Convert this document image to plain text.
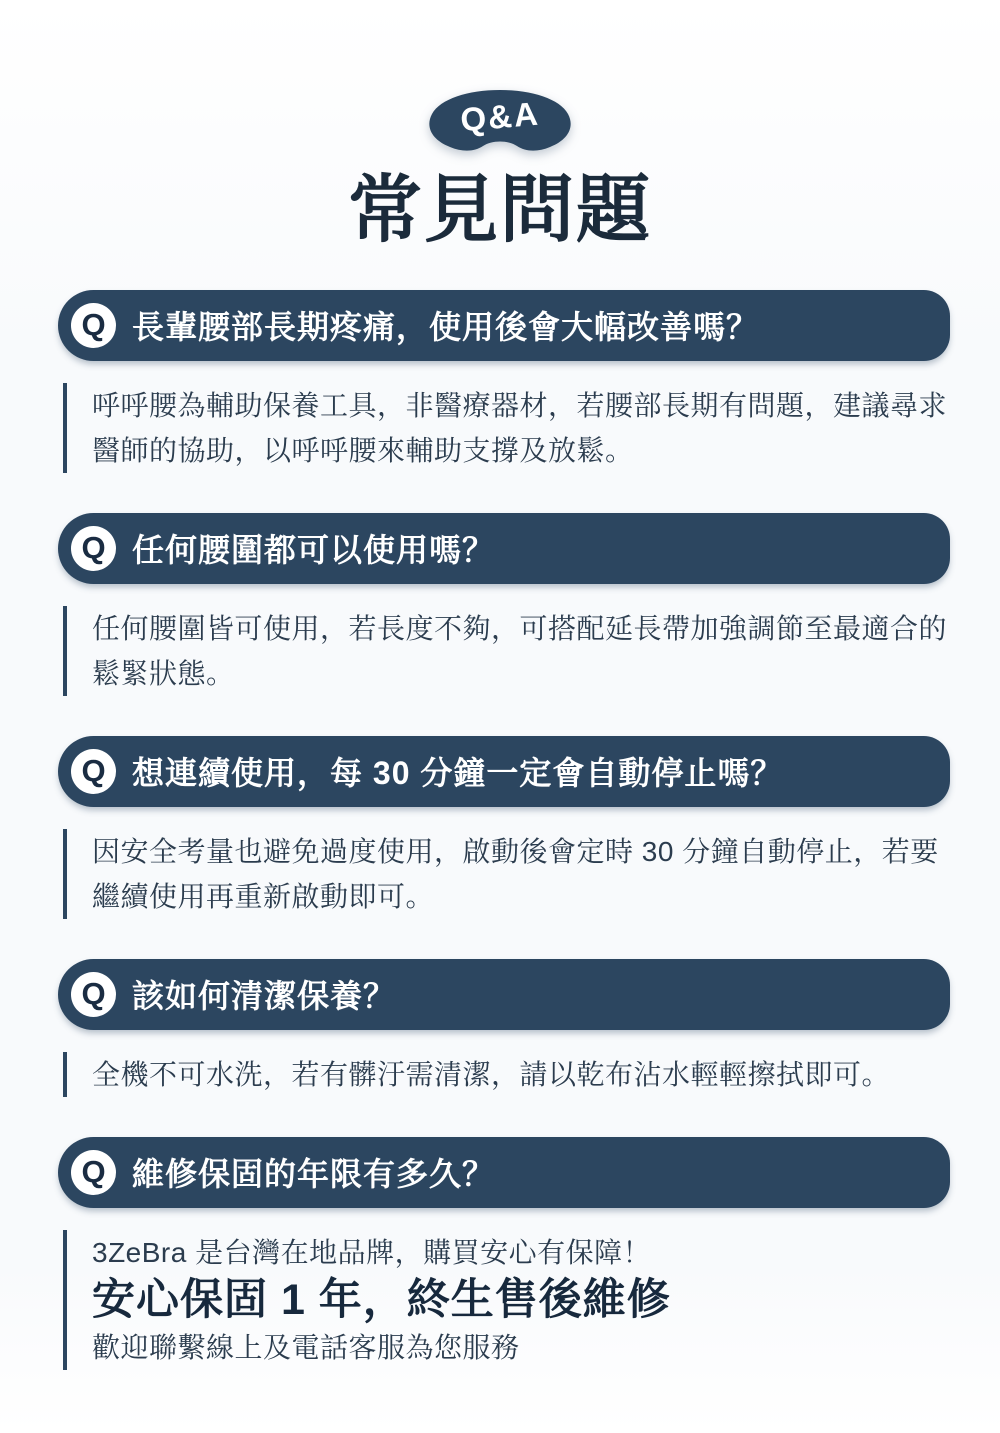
Q&A
常見問題
Q 長輩腰部長期疼痛，使用後會大幅改善嗎？

呼呼腰為輔助保養工具，非醫療器材，若腰部長期有問題，建議尋求醫師的協助，以呼呼腰來輔助支撐及放鬆。

Q 任何腰圍都可以使用嗎？

任何腰圍皆可使用，若長度不夠，可搭配延長帶加強調節至最適合的鬆緊狀態。

Q 想連續使用，每 30 分鐘一定會自動停止嗎？

因安全考量也避免過度使用，啟動後會定時 30 分鐘自動停止，若要繼續使用再重新啟動即可。

Q 該如何清潔保養？

全機不可水洗，若有髒汙需清潔，請以乾布沾水輕輕擦拭即可。

Q 維修保固的年限有多久？

3ZeBra 是台灣在地品牌，購買安心有保障！

安心保固 1 年，終生售後維修

歡迎聯繫線上及電話客服為您服務
